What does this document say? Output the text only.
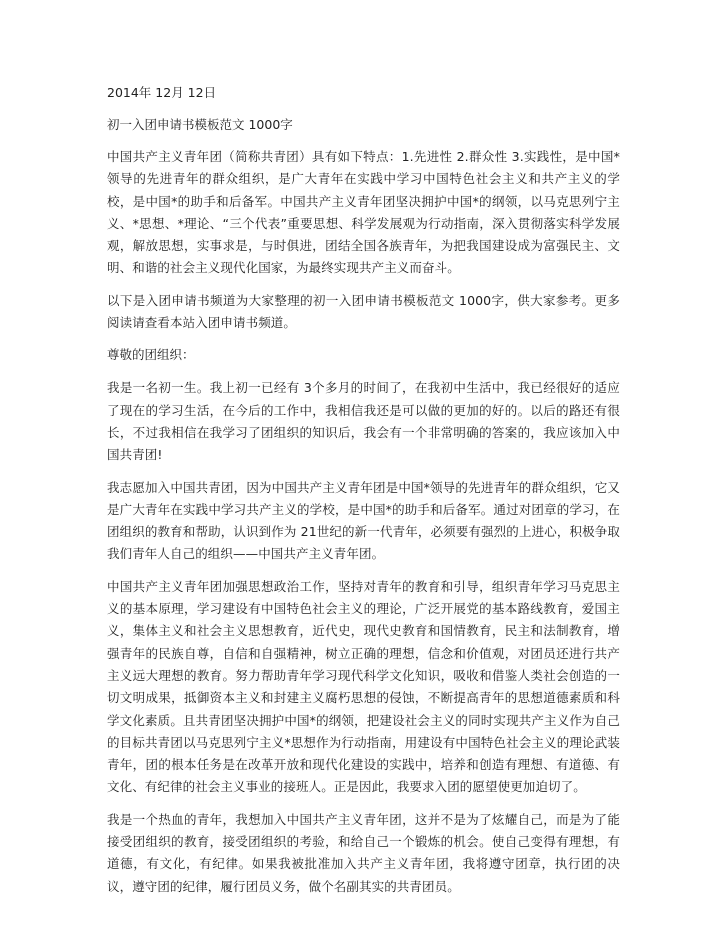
2014年 12月 12日
初一入团申请书模板范文 1000字

中国共产主义青年团（简称共青团）具有如下特点：1.先进性 2.群众性 3.实践性，是中国*领导的先进青年的群众组织，是广大青年在实践中学习中国特色社会主义和共产主义的学校，是中国*的助手和后备军。中国共产主义青年团坚决拥护中国*的纲领，以马克思列宁主义、*思想、*理论、“三个代表”重要思想、科学发展观为行动指南，深入贯彻落实科学发展观，解放思想，实事求是，与时俱进，团结全国各族青年，为把我国建设成为富强民主、文明、和谐的社会主义现代化国家，为最终实现共产主义而奋斗。

以下是入团申请书频道为大家整理的初一入团申请书模板范文 1000字，供大家参考。更多阅读请查看本站入团申请书频道。

尊敬的团组织：

我是一名初一生。我上初一已经有 3个多月的时间了，在我初中生活中，我已经很好的适应了现在的学习生活，在今后的工作中，我相信我还是可以做的更加的好的。以后的路还有很长，不过我相信在我学习了团组织的知识后，我会有一个非常明确的答案的，我应该加入中国共青团!

我志愿加入中国共青团，因为中国共产主义青年团是中国*领导的先进青年的群众组织，它又是广大青年在实践中学习共产主义的学校，是中国*的助手和后备军。通过对团章的学习，在团组织的教育和帮助，认识到作为 21世纪的新一代青年，必须要有强烈的上进心，积极争取我们青年人自己的组织——中国共产主义青年团。

中国共产主义青年团加强思想政治工作，坚持对青年的教育和引导，组织青年学习马克思主义的基本原理，学习建设有中国特色社会主义的理论，广泛开展党的基本路线教育，爱国主义，集体主义和社会主义思想教育，近代史，现代史教育和国情教育，民主和法制教育，增强青年的民族自尊，自信和自强精神，树立正确的理想，信念和价值观，对团员还进行共产主义远大理想的教育。努力帮助青年学习现代科学文化知识，吸收和借鉴人类社会创造的一切文明成果，抵御资本主义和封建主义腐朽思想的侵蚀，不断提高青年的思想道德素质和科学文化素质。且共青团坚决拥护中国*的纲领，把建设社会主义的同时实现共产主义作为自己的目标共青团以马克思列宁主义*思想作为行动指南，用建设有中国特色社会主义的理论武装青年，团的根本任务是在改革开放和现代化建设的实践中，培养和创造有理想、有道德、有文化、有纪律的社会主义事业的接班人。正是因此，我要求入团的愿望使更加迫切了。

我是一个热血的青年，我想加入中国共产主义青年团，这并不是为了炫耀自己，而是为了能接受团组织的教育，接受团组织的考验，和给自己一个锻炼的机会。使自己变得有理想，有道德，有文化，有纪律。如果我被批准加入共产主义青年团，我将遵守团章，执行团的决议，遵守团的纪律，履行团员义务，做个名副其实的共青团员。
